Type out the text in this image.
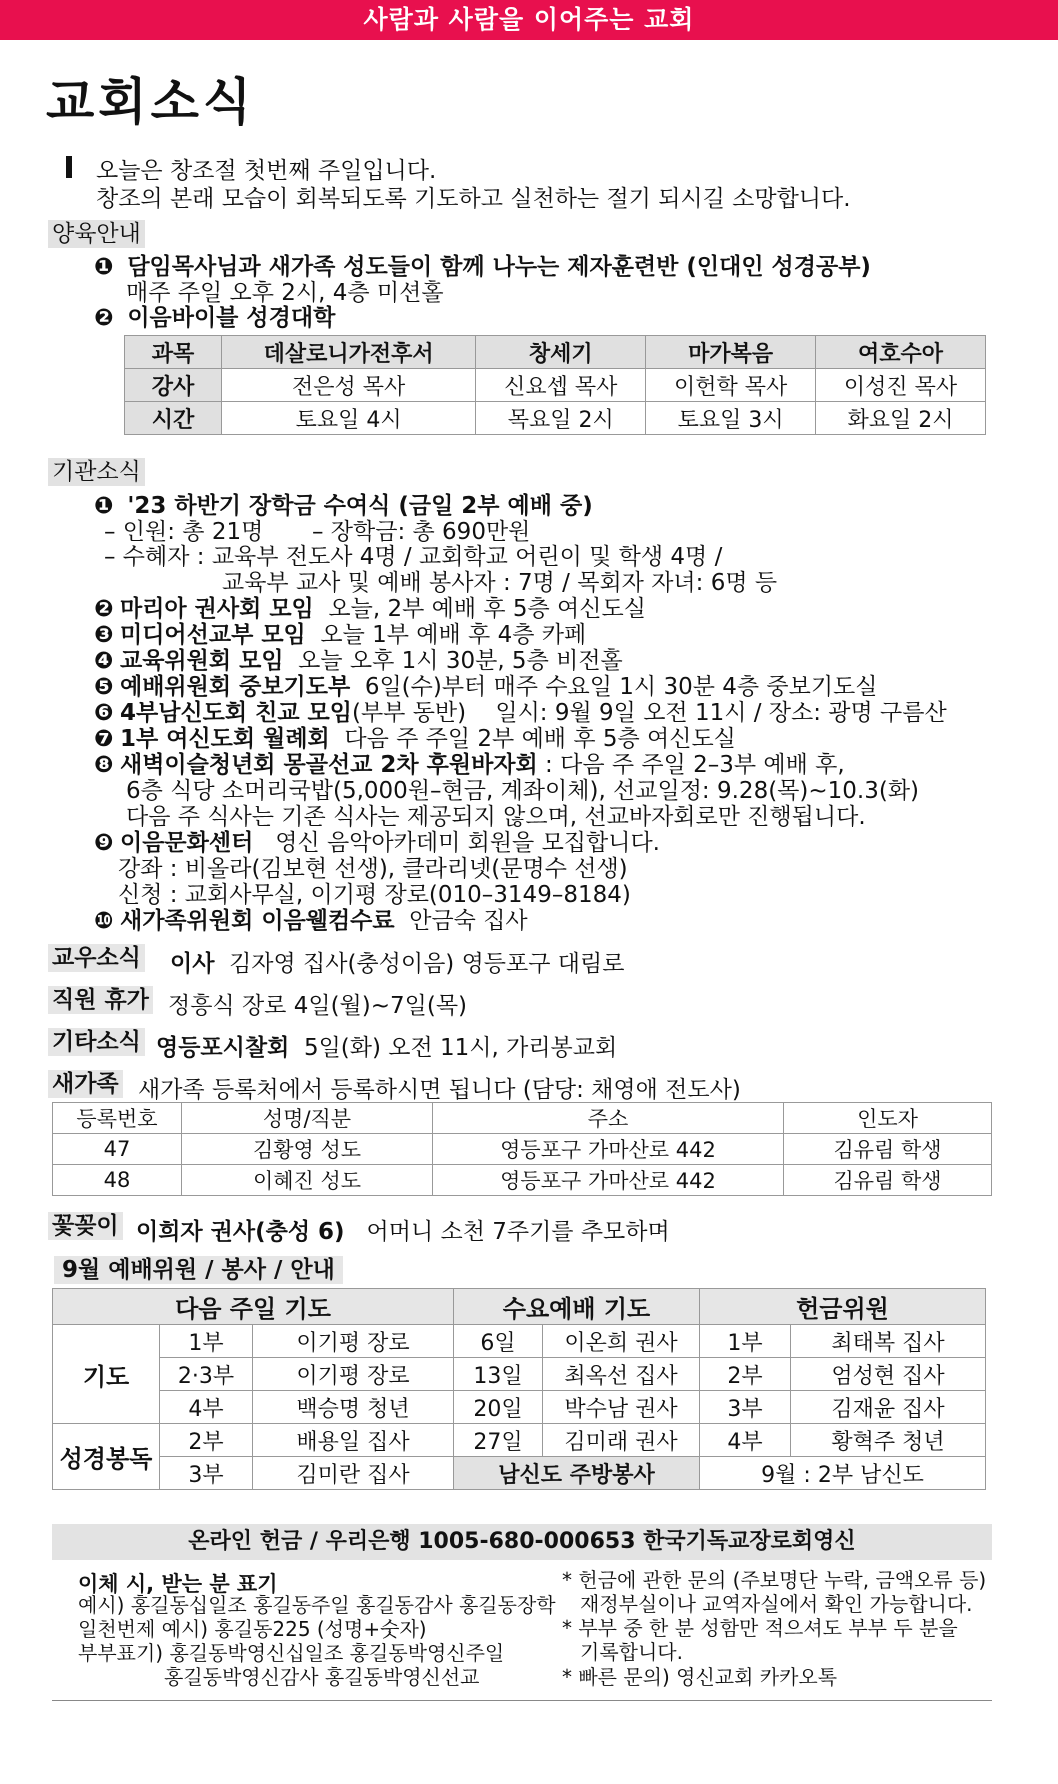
사람과 사람을 이어주는 교회
교회소식
오늘은 창조절 첫번째 주일입니다.
창조의 본래 모습이 회복되도록 기도하고 실천하는 절기 되시길 소망합니다.
양육안내
❶ 담임목사님과 새가족 성도들이 함께 나누는 제자훈련반 (인대인 성경공부)
매주 주일 오후 2시, 4층 미션홀
❷ 이음바이블 성경대학
과목	데살로니가전후서	창세기	마가복음	여호수아
강사	전은성 목사	신요셉 목사	이헌학 목사	이성진 목사
시간	토요일 4시	목요일 2시	토요일 3시	화요일 2시
기관소식
❶ '23 하반기 장학금 수여식 (금일 2부 예배 중)
– 인원: 총 21명 – 장학금: 총 690만원
– 수혜자 : 교육부 전도사 4명 / 교회학교 어린이 및 학생 4명 /
교육부 교사 및 예배 봉사자 : 7명 / 목회자 자녀: 6명 등
❷ 마리아 권사회 모임 오늘, 2부 예배 후 5층 여신도실
❸ 미디어선교부 모임 오늘 1부 예배 후 4층 카페
❹ 교육위원회 모임 오늘 오후 1시 30분, 5층 비전홀
❺ 예배위원회 중보기도부 6일(수)부터 매주 수요일 1시 30분 4층 중보기도실
❻ 4부남신도회 친교 모임(부부 동반) 일시: 9월 9일 오전 11시 / 장소: 광명 구름산
❼ 1부 여신도회 월례회 다음 주 주일 2부 예배 후 5층 여신도실
❽ 새벽이슬청년회 몽골선교 2차 후원바자회 : 다음 주 주일 2–3부 예배 후,
6층 식당 소머리국밥(5,000원–현금, 계좌이체), 선교일정: 9.28(목)~10.3(화)
다음 주 식사는 기존 식사는 제공되지 않으며, 선교바자회로만 진행됩니다.
❾ 이음문화센터 영신 음악아카데미 회원을 모집합니다.
강좌 : 비올라(김보현 선생), 클라리넷(문명수 선생)
신청 : 교회사무실, 이기평 장로(010–3149–8184)
❿ 새가족위원회 이음웰컴수료 안금숙 집사
교우소식 이사 김자영 집사(충성이음) 영등포구 대림로
직원 휴가 정흥식 장로 4일(월)~7일(목)
기타소식 영등포시찰회 5일(화) 오전 11시, 가리봉교회
새가족 새가족 등록처에서 등록하시면 됩니다 (담당: 채영애 전도사)
등록번호	성명/직분	주소	인도자
47	김황영 성도	영등포구 가마산로 442	김유림 학생
48	이혜진 성도	영등포구 가마산로 442	김유림 학생
꽃꽂이 이희자 권사(충성 6) 어머니 소천 7주기를 추모하며
9월 예배위원 / 봉사 / 안내
다음 주일 기도			수요예배 기도		헌금위원	
기도	1부	이기평 장로	6일	이온희 권사	1부	최태복 집사
	2·3부	이기평 장로	13일	최옥선 집사	2부	엄성현 집사
	4부	백승명 청년	20일	박수남 권사	3부	김재윤 집사
성경봉독	2부	배용일 집사	27일	김미래 권사	4부	황혁주 청년
	3부	김미란 집사	남신도 주방봉사		9월 : 2부 남신도	
온라인 헌금 / 우리은행 1005-680-000653 한국기독교장로회영신
이체 시, 받는 분 표기
예시) 홍길동십일조 홍길동주일 홍길동감사 홍길동장학
일천번제 예시) 홍길동225 (성명+숫자)
부부표기) 홍길동박영신십일조 홍길동박영신주일
홍길동박영신감사 홍길동박영신선교
* 헌금에 관한 문의 (주보명단 누락, 금액오류 등)
재정부실이나 교역자실에서 확인 가능합니다.
* 부부 중 한 분 성함만 적으셔도 부부 두 분을
기록합니다.
* 빠른 문의) 영신교회 카카오톡
